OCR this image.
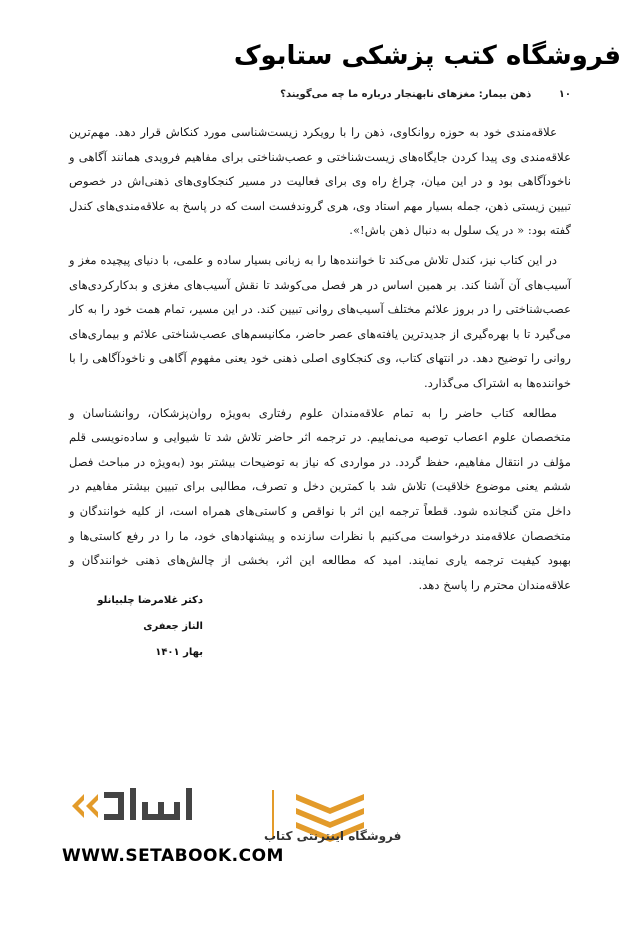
فروشگاه کتب پزشکی ستابوک
۱۰ ذهن بیمار: مغزهای نابهنجار درباره ما چه می‌گویند؟

علاقه‌مندی خود به حوزه روانکاوی، ذهن را با رویکرد زیست‌شناسی مورد کنکاش قرار دهد. مهم‌ترین علاقه‌مندی وی پیدا کردن جایگاه‌های زیست‌شناختی و عصب‌شناختی برای مفاهیم فرویدی همانند آگاهی و ناخودآگاهی بود و در این میان، چراغ راه وی برای فعالیت در مسیر کنجکاوی‌های ذهنی‌اش در خصوص تبیین زیستی ذهن، جمله بسیار مهم استاد وی، هری گروندفست است که در پاسخ به علاقه‌مندی‌های کندل گفته بود: « در یک سلول به دنبال ذهن باش!».

در این کتاب نیز، کندل تلاش می‌کند تا خواننده‌ها را به زبانی بسیار ساده و علمی، با دنیای پیچیده مغز و آسیب‌های آن آشنا کند. بر همین اساس در هر فصل می‌کوشد تا نقش آسیب‌های مغزی و بدکارکردی‌های عصب‌شناختی را در بروز علائم مختلف آسیب‌های روانی تبیین کند. در این مسیر، تمام همت خود را به کار می‌گیرد تا با بهره‌گیری از جدیدترین یافته‌های عصر حاضر، مکانیسم‌های عصب‌شناختی علائم و بیماری‌های روانی را توضیح دهد. در انتهای کتاب، وی کنجکاوی اصلی ذهنی خود یعنی مفهوم آگاهی و ناخودآگاهی را با خواننده‌ها به اشتراک می‌گذارد.

مطالعه کتاب حاضر را به تمام علاقه‌مندان علوم رفتاری به‌ویژه روان‌پزشکان، روانشناسان و متخصصان علوم اعصاب توصیه می‌نماییم. در ترجمه اثر حاضر تلاش شد تا شیوایی و ساده‌نویسی قلم مؤلف در انتقال مفاهیم، حفظ گردد. در مواردی که نیاز به توضیحات بیشتر بود (به‌ویژه در مباحث فصل ششم یعنی موضوع خلاقیت) تلاش شد با کمترین دخل و تصرف، مطالبی برای تبیین بیشتر مفاهیم در داخل متن گنجانده شود. قطعاً ترجمه این اثر با نواقص و کاستی‌های همراه است، از کلیه خوانندگان و متخصصان علاقه‌مند درخواست می‌کنیم با نظرات سازنده و پیشنهادهای خود، ما را در رفع کاستی‌ها و بهبود کیفیت ترجمه یاری نمایند. امید که مطالعه این اثر، بخشی از چالش‌های ذهنی خوانندگان و علاقه‌مندان محترم را پاسخ دهد.

دکتر غلامرضا چلبیانلو
الناز جعفری
بهار ۱۴۰۱
فروشگاه اینترنتی کتاب
WWW.SETABOOK.COM
